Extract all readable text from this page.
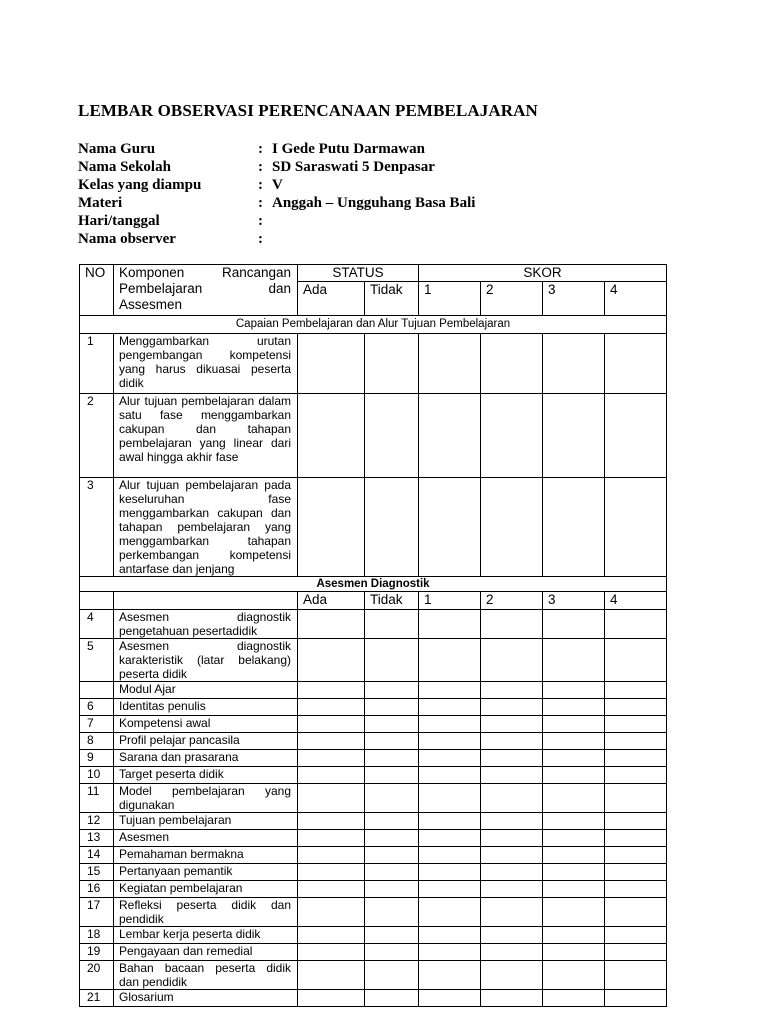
LEMBAR OBSERVASI PERENCANAAN PEMBELAJARAN
Nama Guru	: I Gede Putu Darmawan
Nama Sekolah	: SD Saraswati 5 Denpasar
Kelas yang diampu	: V
Materi	: Anggah – Ungguhang Basa Bali
Hari/tanggal	:
Nama observer	:
NO	Komponen Rancangan Pembelajaran dan Assesmen	STATUS		SKOR			
		Ada	Tidak	1	2	3	4
Capaian Pembelajaran dan Alur Tujuan Pembelajaran							
1	Menggambarkan urutan pengembangan kompetensi yang harus dikuasai peserta didik						
2	Alur tujuan pembelajaran dalam satu fase menggambarkan cakupan dan tahapan pembelajaran yang linear dari awal hingga akhir fase						
3	Alur tujuan pembelajaran pada keseluruhan fase menggambarkan cakupan dan tahapan pembelajaran yang menggambarkan tahapan perkembangan kompetensi antarfase dan jenjang						
Asesmen Diagnostik							
		Ada	Tidak	1	2	3	4
4	Asesmen diagnostik pengetahuan pesertadidik						
5	Asesmen diagnostik karakteristik (latar belakang) peserta didik						
	Modul Ajar						
6	Identitas penulis						
7	Kompetensi awal						
8	Profil pelajar pancasila						
9	Sarana dan prasarana						
10	Target peserta didik						
11	Model pembelajaran yang digunakan						
12	Tujuan pembelajaran						
13	Asesmen						
14	Pemahaman bermakna						
15	Pertanyaan pemantik						
16	Kegiatan pembelajaran						
17	Refleksi peserta didik dan pendidik						
18	Lembar kerja peserta didik						
19	Pengayaan dan remedial						
20	Bahan bacaan peserta didik dan pendidik						
21	Glosarium						
